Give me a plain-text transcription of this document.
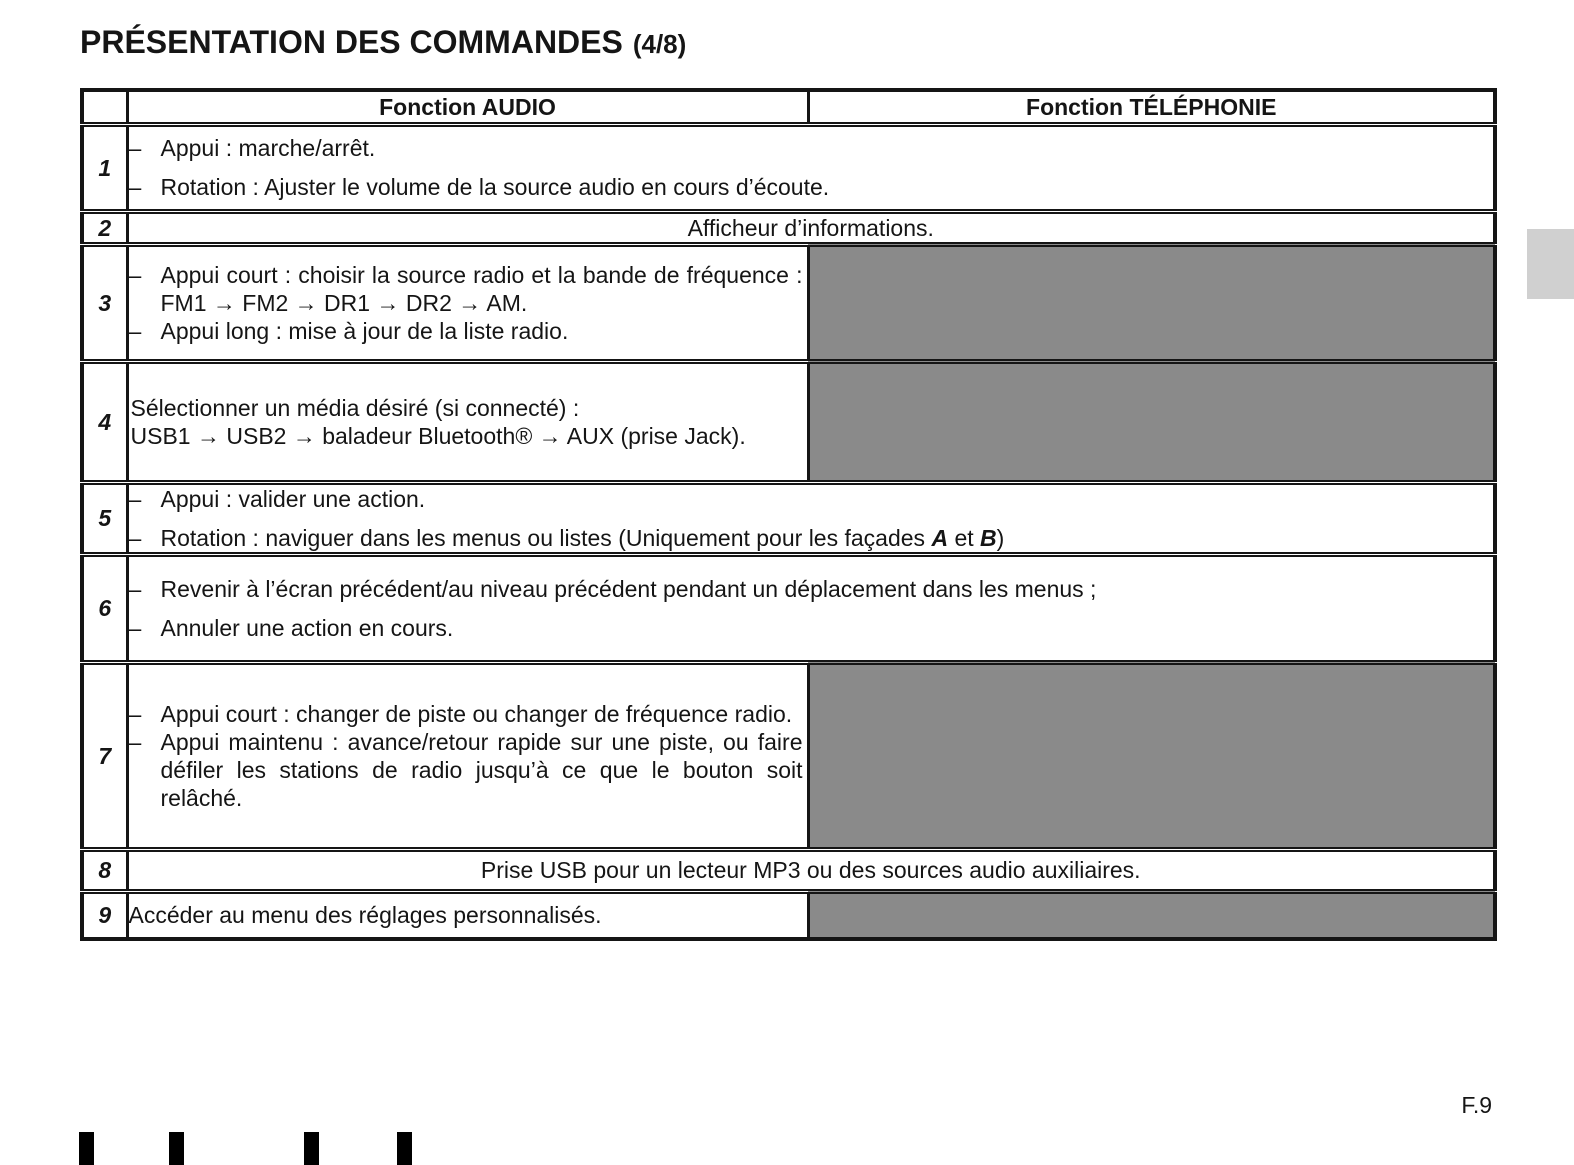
PRÉSENTATION DES COMMANDES (4/8)
	Fonction AUDIO	Fonction TÉLÉPHONIE
1	– Appui : marche/arrêt.
– Rotation : Ajuster le volume de la source audio en cours d’écoute.	

2	Afficheur d’informations.	
3	– Appui court : choisir la source radio et la bande de fréquence : FM1 → FM2 → DR1 → DR2 → AM.
– Appui long : mise à jour de la liste radio.	

4	Sélectionner un média désiré (si connecté) :
USB1 → USB2 → baladeur Bluetooth® → AUX (prise Jack).	

5	– Appui : valider une action.
– Rotation : naviguer dans les menus ou listes (Uniquement pour les façades A et B)	

6	– Revenir à l’écran précédent/au niveau précédent pendant un déplacement dans les menus ;
– Annuler une action en cours.	

7	– Appui court : changer de piste ou changer de fréquence radio.
– Appui maintenu : avance/retour rapide sur une piste, ou faire défiler les stations de radio jusqu’à ce que le bouton soit relâché.	

8	Prise USB pour un lecteur MP3 ou des sources audio auxiliaires.	
9	Accéder au menu des réglages personnalisés.	
F.9
